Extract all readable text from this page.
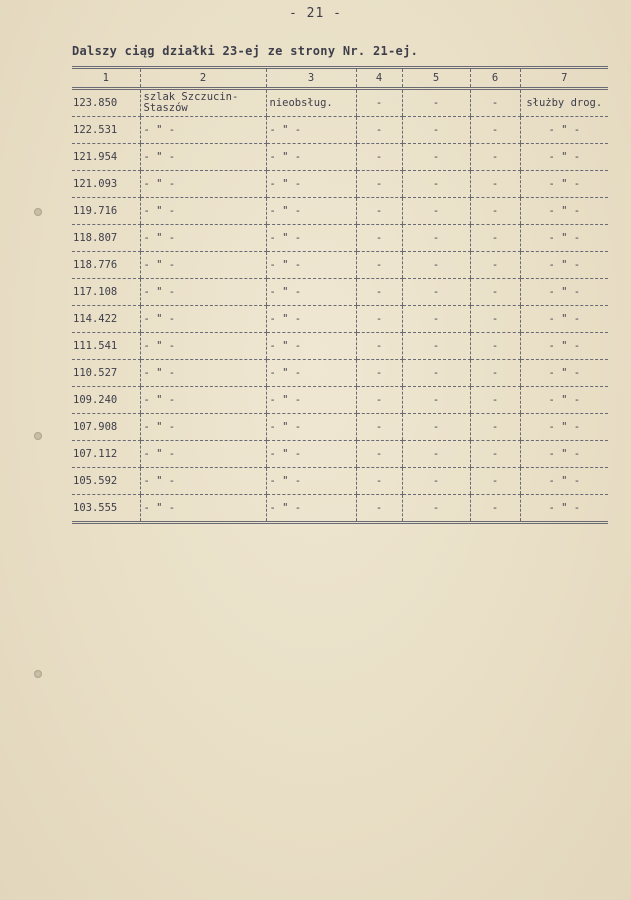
- 21 -
Dalszy ciąg działki 23-ej ze strony Nr. 21-ej.
1	2	3	4	5	6	7
123.850	szlak Szczucin-
Staszów	nieobsług.	-	-	-	służby drog.
122.531	- " -	- " -	-	-	-	- " -
121.954	- " -	- " -	-	-	-	- " -
121.093	- " -	- " -	-	-	-	- " -
119.716	- " -	- " -	-	-	-	- " -
118.807	- " -	- " -	-	-	-	- " -
118.776	- " -	- " -	-	-	-	- " -
117.108	- " -	- " -	-	-	-	- " -
114.422	- " -	- " -	-	-	-	- " -
111.541	- " -	- " -	-	-	-	- " -
110.527	- " -	- " -	-	-	-	- " -
109.240	- " -	- " -	-	-	-	- " -
107.908	- " -	- " -	-	-	-	- " -
107.112	- " -	- " -	-	-	-	- " -
105.592	- " -	- " -	-	-	-	- " -
103.555	- " -	- " -	-	-	-	- " -
